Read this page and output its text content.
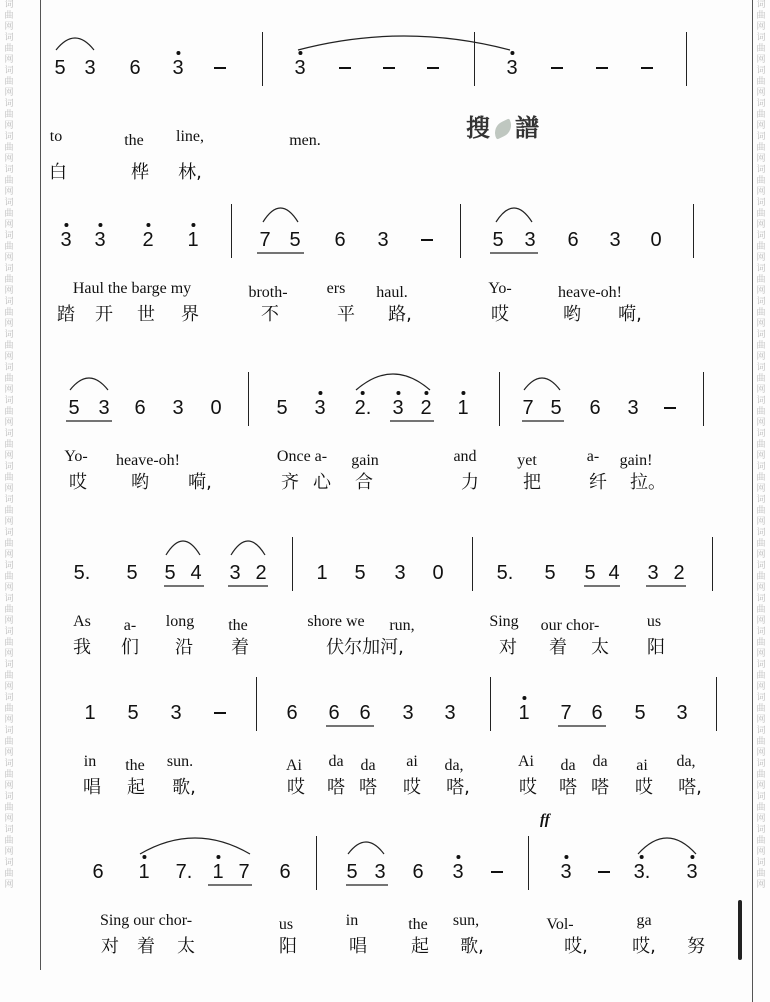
词曲网词曲网词曲网词曲网词曲网词曲网词曲网词曲网词曲网词曲网词曲网词曲网词曲网词曲网词曲网词曲网词曲网词曲网词曲网词曲网词曲网词曲网词曲网词曲网词曲网词曲网词曲网
词曲网词曲网词曲网词曲网词曲网词曲网词曲网词曲网词曲网词曲网词曲网词曲网词曲网词曲网词曲网词曲网词曲网词曲网词曲网词曲网词曲网词曲网词曲网词曲网词曲网词曲网词曲网
搜 譜
ff
5 3 6 3	3	3
to	the line,	men.
白	桦 林,
3 3 2 1	7 5 6 3	5 3 6 3 0
Haul the barge my	broth- ers haul.	Yo-	heave-oh!
踏 开 世 界	不	平 路,	哎	哟 嗬,
5 3 6 3 0	5 3 2. 3 2 1	7 5 6 3
Yo- heave-oh!	Once a- gain	and	yet	a- gain!
哎 哟 嗬,	齐 心 合	力 把	纤 拉。
5. 5 5 4 3 2 1 5 3 0	5. 5 5 4 3 2
As a- long the	shore we run,	Sing our chor-	us
我 们 沿 着	伏尔加河,	对 着 太 阳
1 5 3	6 6 6 3 3	1 7 6 5 3
in the sun.	Ai da da ai da,	Ai da da ai da,
唱 起 歌,	哎 嗒 嗒 哎 嗒,	哎 嗒 嗒 哎 嗒,
6 1 7. 1 7 6	5 3 6 3	3	3. 3
Sing our chor-	us	in	the sun,	Vol-	ga
对 着 太	阳	唱 起 歌,	哎, 哎, 努
